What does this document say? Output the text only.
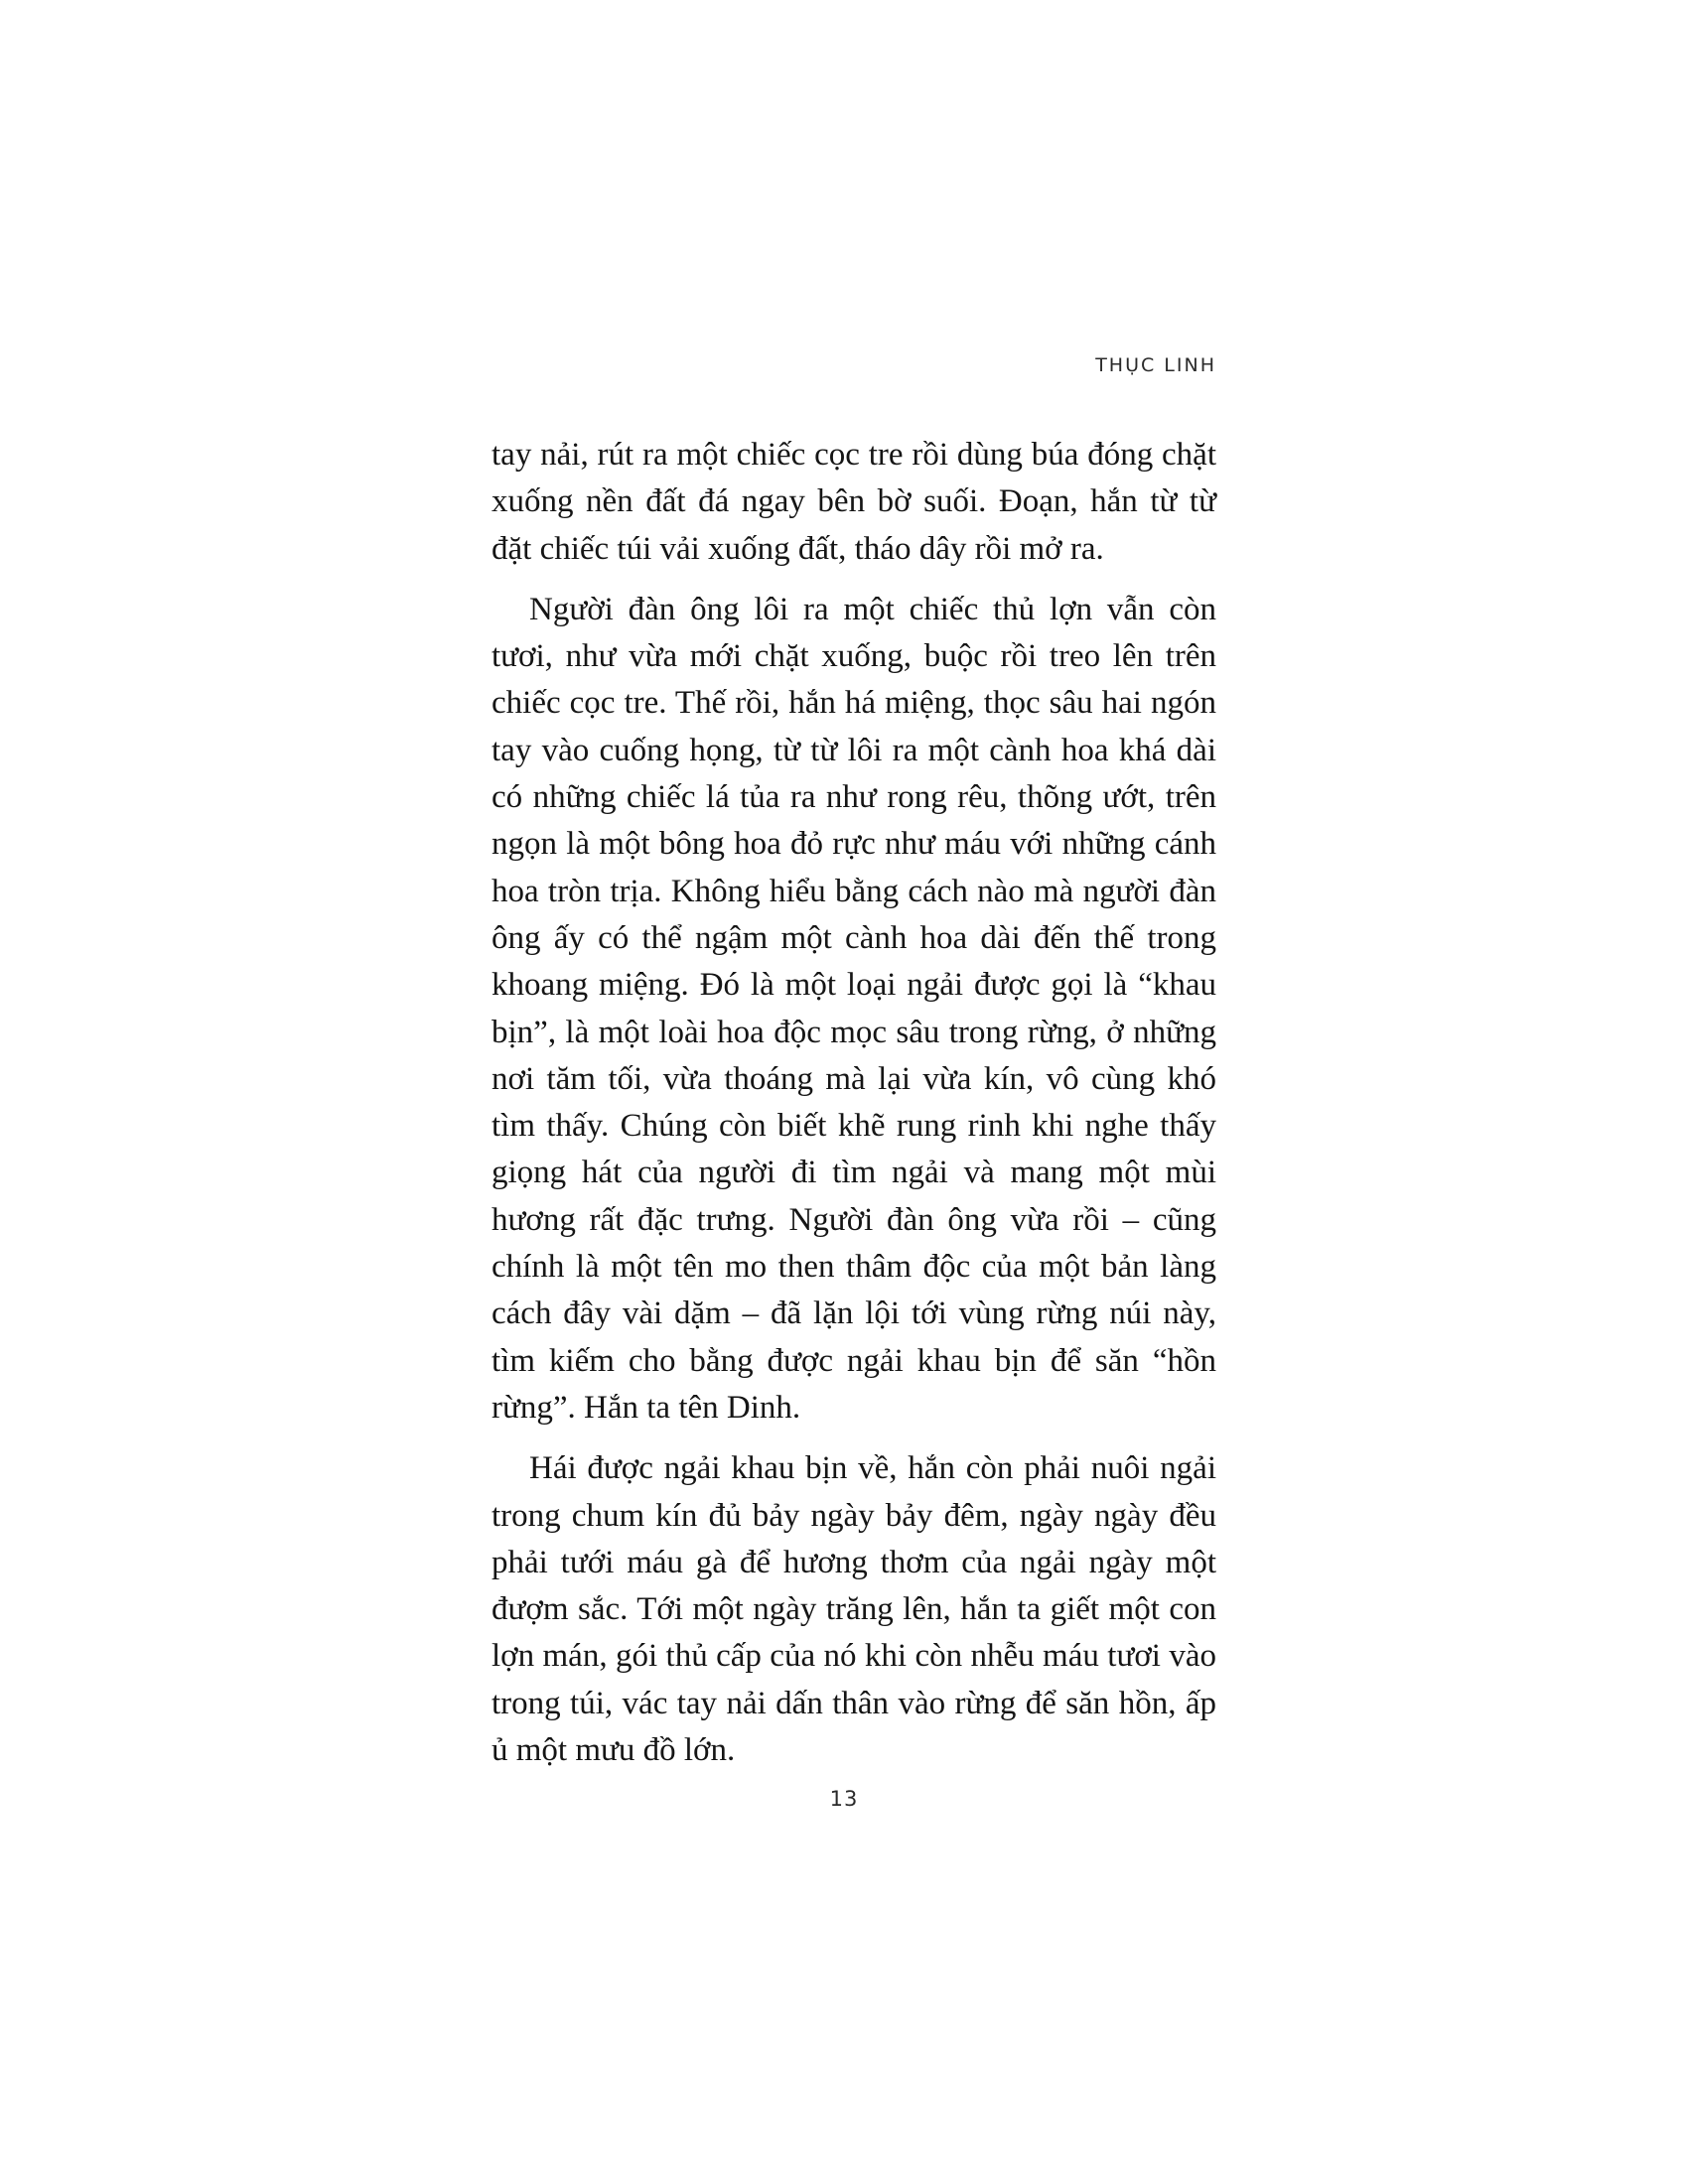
THỤC LINH

tay nải, rút ra một chiếc cọc tre rồi dùng búa đóng chặt xuống nền đất đá ngay bên bờ suối. Đoạn, hắn từ từ đặt chiếc túi vải xuống đất, tháo dây rồi mở ra.

Người đàn ông lôi ra một chiếc thủ lợn vẫn còn tươi, như vừa mới chặt xuống, buộc rồi treo lên trên chiếc cọc tre. Thế rồi, hắn há miệng, thọc sâu hai ngón tay vào cuống họng, từ từ lôi ra một cành hoa khá dài có những chiếc lá tủa ra như rong rêu, thõng ướt, trên ngọn là một bông hoa đỏ rực như máu với những cánh hoa tròn trịa. Không hiểu bằng cách nào mà người đàn ông ấy có thể ngậm một cành hoa dài đến thế trong khoang miệng. Đó là một loại ngải được gọi là “khau bịn”, là một loài hoa độc mọc sâu trong rừng, ở những nơi tăm tối, vừa thoáng mà lại vừa kín, vô cùng khó tìm thấy. Chúng còn biết khẽ rung rinh khi nghe thấy giọng hát của người đi tìm ngải và mang một mùi hương rất đặc trưng. Người đàn ông vừa rồi – cũng chính là một tên mo then thâm độc của một bản làng cách đây vài dặm – đã lặn lội tới vùng rừng núi này, tìm kiếm cho bằng được ngải khau bịn để săn “hồn rừng”. Hắn ta tên Dinh.

Hái được ngải khau bịn về, hắn còn phải nuôi ngải trong chum kín đủ bảy ngày bảy đêm, ngày ngày đều phải tưới máu gà để hương thơm của ngải ngày một đượm sắc. Tới một ngày trăng lên, hắn ta giết một con lợn mán, gói thủ cấp của nó khi còn nhễu máu tươi vào trong túi, vác tay nải dấn thân vào rừng để săn hồn, ấp ủ một mưu đồ lớn.

13
